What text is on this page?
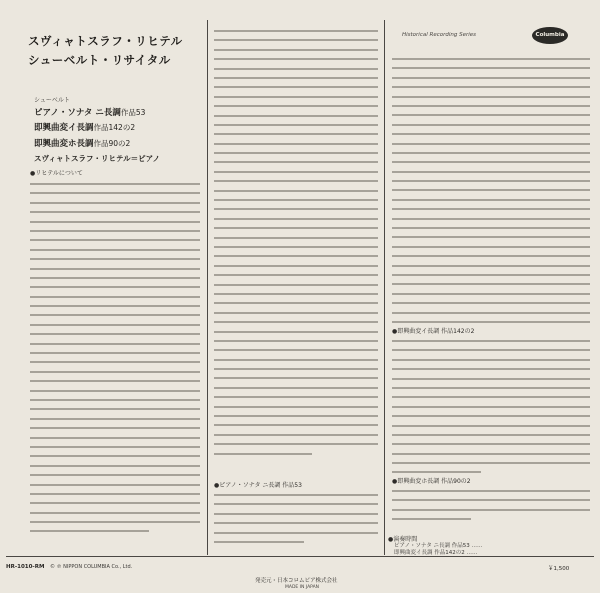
スヴィャトスラフ・リヒテル
シューベルト・リサイタル
シューベルト
ピアノ・ソナタ ニ長調作品53
即興曲変イ長調作品142の2
即興曲変ホ長調作品90の2
スヴィャトスラフ・リヒテル＝ピアノ
●リヒテルについて
●ピアノ・ソナタ ニ長調 作品53
Historical Recording Series	Columbia
●即興曲変イ長調 作品142の2
●即興曲変ホ長調 作品90の2
●演奏時間
ピアノ・ソナタ ニ長調 作品53 ……
即興曲変イ長調 作品142の2 ……
HR-1010-RM © ℗ NIPPON COLUMBIA Co., Ltd.	￥1,500
発売元・日本コロムビア株式会社
MADE IN JAPAN
